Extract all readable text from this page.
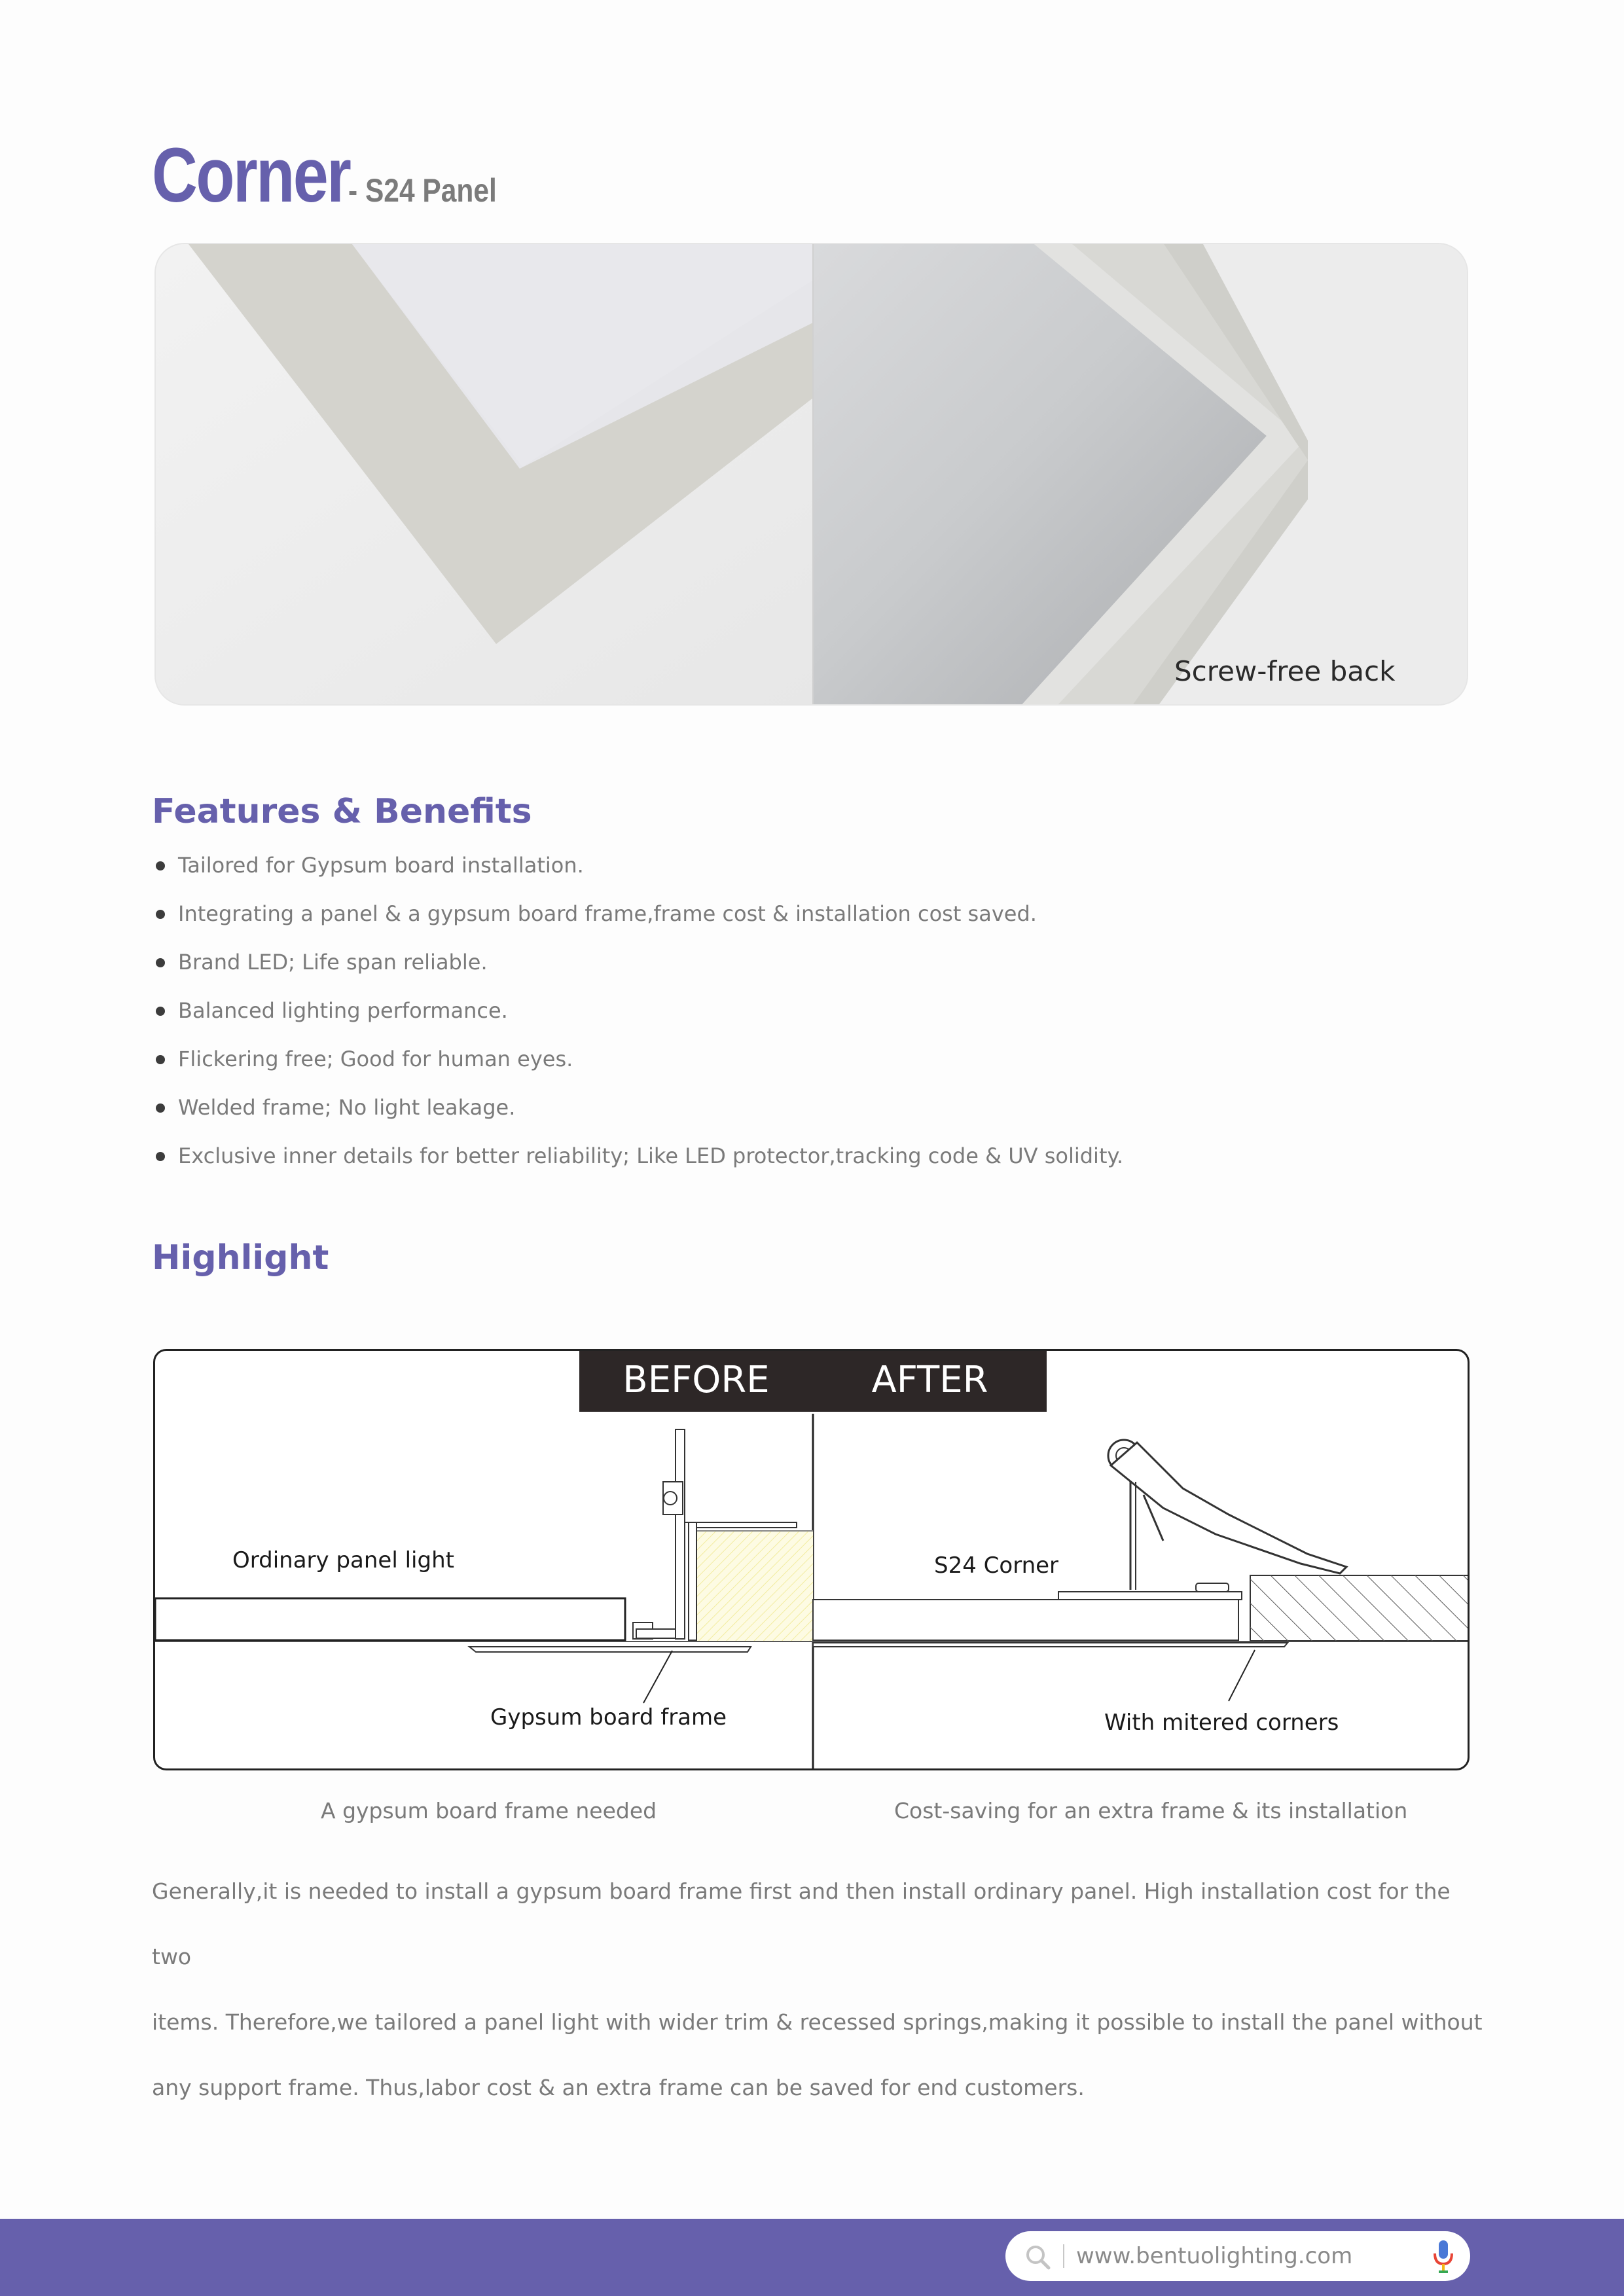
Corner
- S24 Panel
Screw-free back
Features & Benefits
Tailored for Gypsum board installation.
Integrating a panel & a gypsum board frame,frame cost & installation cost saved.
Brand LED; Life span reliable.
Balanced lighting performance.
Flickering free; Good for human eyes.
Welded frame; No light leakage.
Exclusive inner details for better reliability; Like LED protector,tracking code & UV solidity.
Highlight
BEFORE	AFTER
Ordinary panel light
Gypsum board frame
S24 Corner
With mitered corners
A gypsum board frame needed	Cost-saving for an extra frame & its installation
Generally,it is needed to install a gypsum board frame first and then install ordinary panel. High installation cost for the two
items. Therefore,we tailored a panel light with wider trim & recessed springs,making it possible to install the panel without
any support frame. Thus,labor cost & an extra frame can be saved for end customers.
www.bentuolighting.com
